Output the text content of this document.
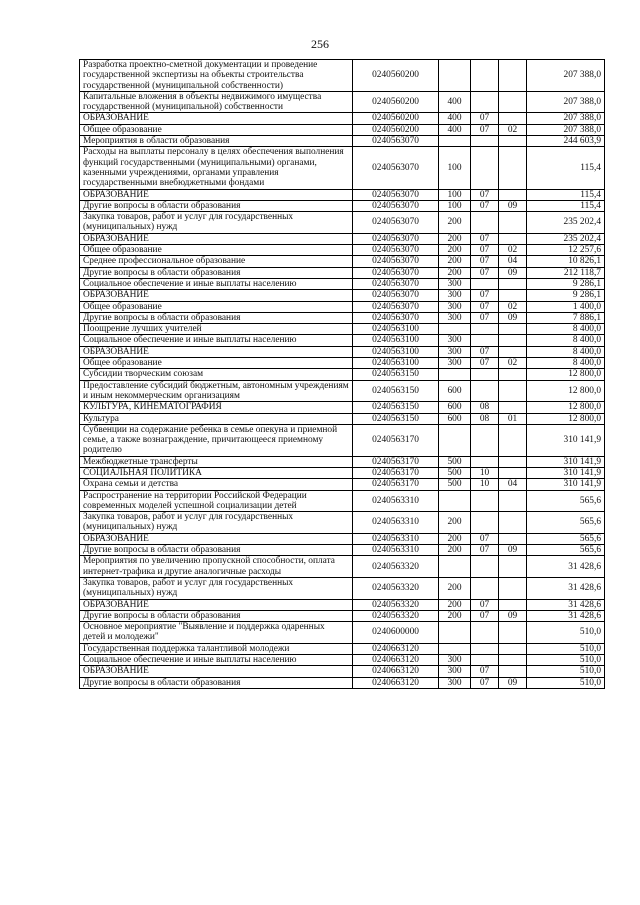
256
Разработка проектно-сметной документации и проведение государственной экспертизы на объекты строительства государственной (муниципальной собственности)	0240560200				207 388,0
Капитальные вложения в объекты недвижимого имущества государственной (муниципальной) собственности	0240560200	400			207 388,0
ОБРАЗОВАНИЕ	0240560200	400	07		207 388,0
Общее образование	0240560200	400	07	02	207 388,0
Мероприятия в области образования	0240563070				244 603,9
Расходы на выплаты персоналу в целях обеспечения выполнения функций государственными (муниципальными) органами, казенными учреждениями, органами управления государственными внебюджетными фондами	0240563070	100			115,4
ОБРАЗОВАНИЕ	0240563070	100	07		115,4
Другие вопросы в области образования	0240563070	100	07	09	115,4
Закупка товаров, работ и услуг для государственных (муниципальных) нужд	0240563070	200			235 202,4
ОБРАЗОВАНИЕ	0240563070	200	07		235 202,4
Общее образование	0240563070	200	07	02	12 257,6
Среднее профессиональное образование	0240563070	200	07	04	10 826,1
Другие вопросы в области образования	0240563070	200	07	09	212 118,7
Социальное обеспечение и иные выплаты населению	0240563070	300			9 286,1
ОБРАЗОВАНИЕ	0240563070	300	07		9 286,1
Общее образование	0240563070	300	07	02	1 400,0
Другие вопросы в области образования	0240563070	300	07	09	7 886,1
Поощрение лучших учителей	0240563100				8 400,0
Социальное обеспечение и иные выплаты населению	0240563100	300			8 400,0
ОБРАЗОВАНИЕ	0240563100	300	07		8 400,0
Общее образование	0240563100	300	07	02	8 400,0
Субсидии творческим союзам	0240563150				12 800,0
Предоставление субсидий бюджетным, автономным учреждениям и иным некоммерческим организациям	0240563150	600			12 800,0
КУЛЬТУРА, КИНЕМАТОГРАФИЯ	0240563150	600	08		12 800,0
Культура	0240563150	600	08	01	12 800,0
Субвенции на содержание ребенка в семье опекуна и приемной семье, а также вознаграждение, причитающееся приемному родителю	0240563170				310 141,9
Межбюджетные трансферты	0240563170	500			310 141,9
СОЦИАЛЬНАЯ ПОЛИТИКА	0240563170	500	10		310 141,9
Охрана семьи и детства	0240563170	500	10	04	310 141,9
Распространение на территории Российской Федерации современных моделей успешной социализации детей	0240563310				565,6
Закупка товаров, работ и услуг для государственных (муниципальных) нужд	0240563310	200			565,6
ОБРАЗОВАНИЕ	0240563310	200	07		565,6
Другие вопросы в области образования	0240563310	200	07	09	565,6
Мероприятия по увеличению пропускной способности, оплата интернет-трафика и другие аналогичные расходы	0240563320				31 428,6
Закупка товаров, работ и услуг для государственных (муниципальных) нужд	0240563320	200			31 428,6
ОБРАЗОВАНИЕ	0240563320	200	07		31 428,6
Другие вопросы в области образования	0240563320	200	07	09	31 428,6
Основное мероприятие "Выявление и поддержка одаренных детей и молодежи"	0240600000				510,0
Государственная поддержка талантливой молодежи	0240663120				510,0
Социальное обеспечение и иные выплаты населению	0240663120	300			510,0
ОБРАЗОВАНИЕ	0240663120	300	07		510,0
Другие вопросы в области образования	0240663120	300	07	09	510,0
